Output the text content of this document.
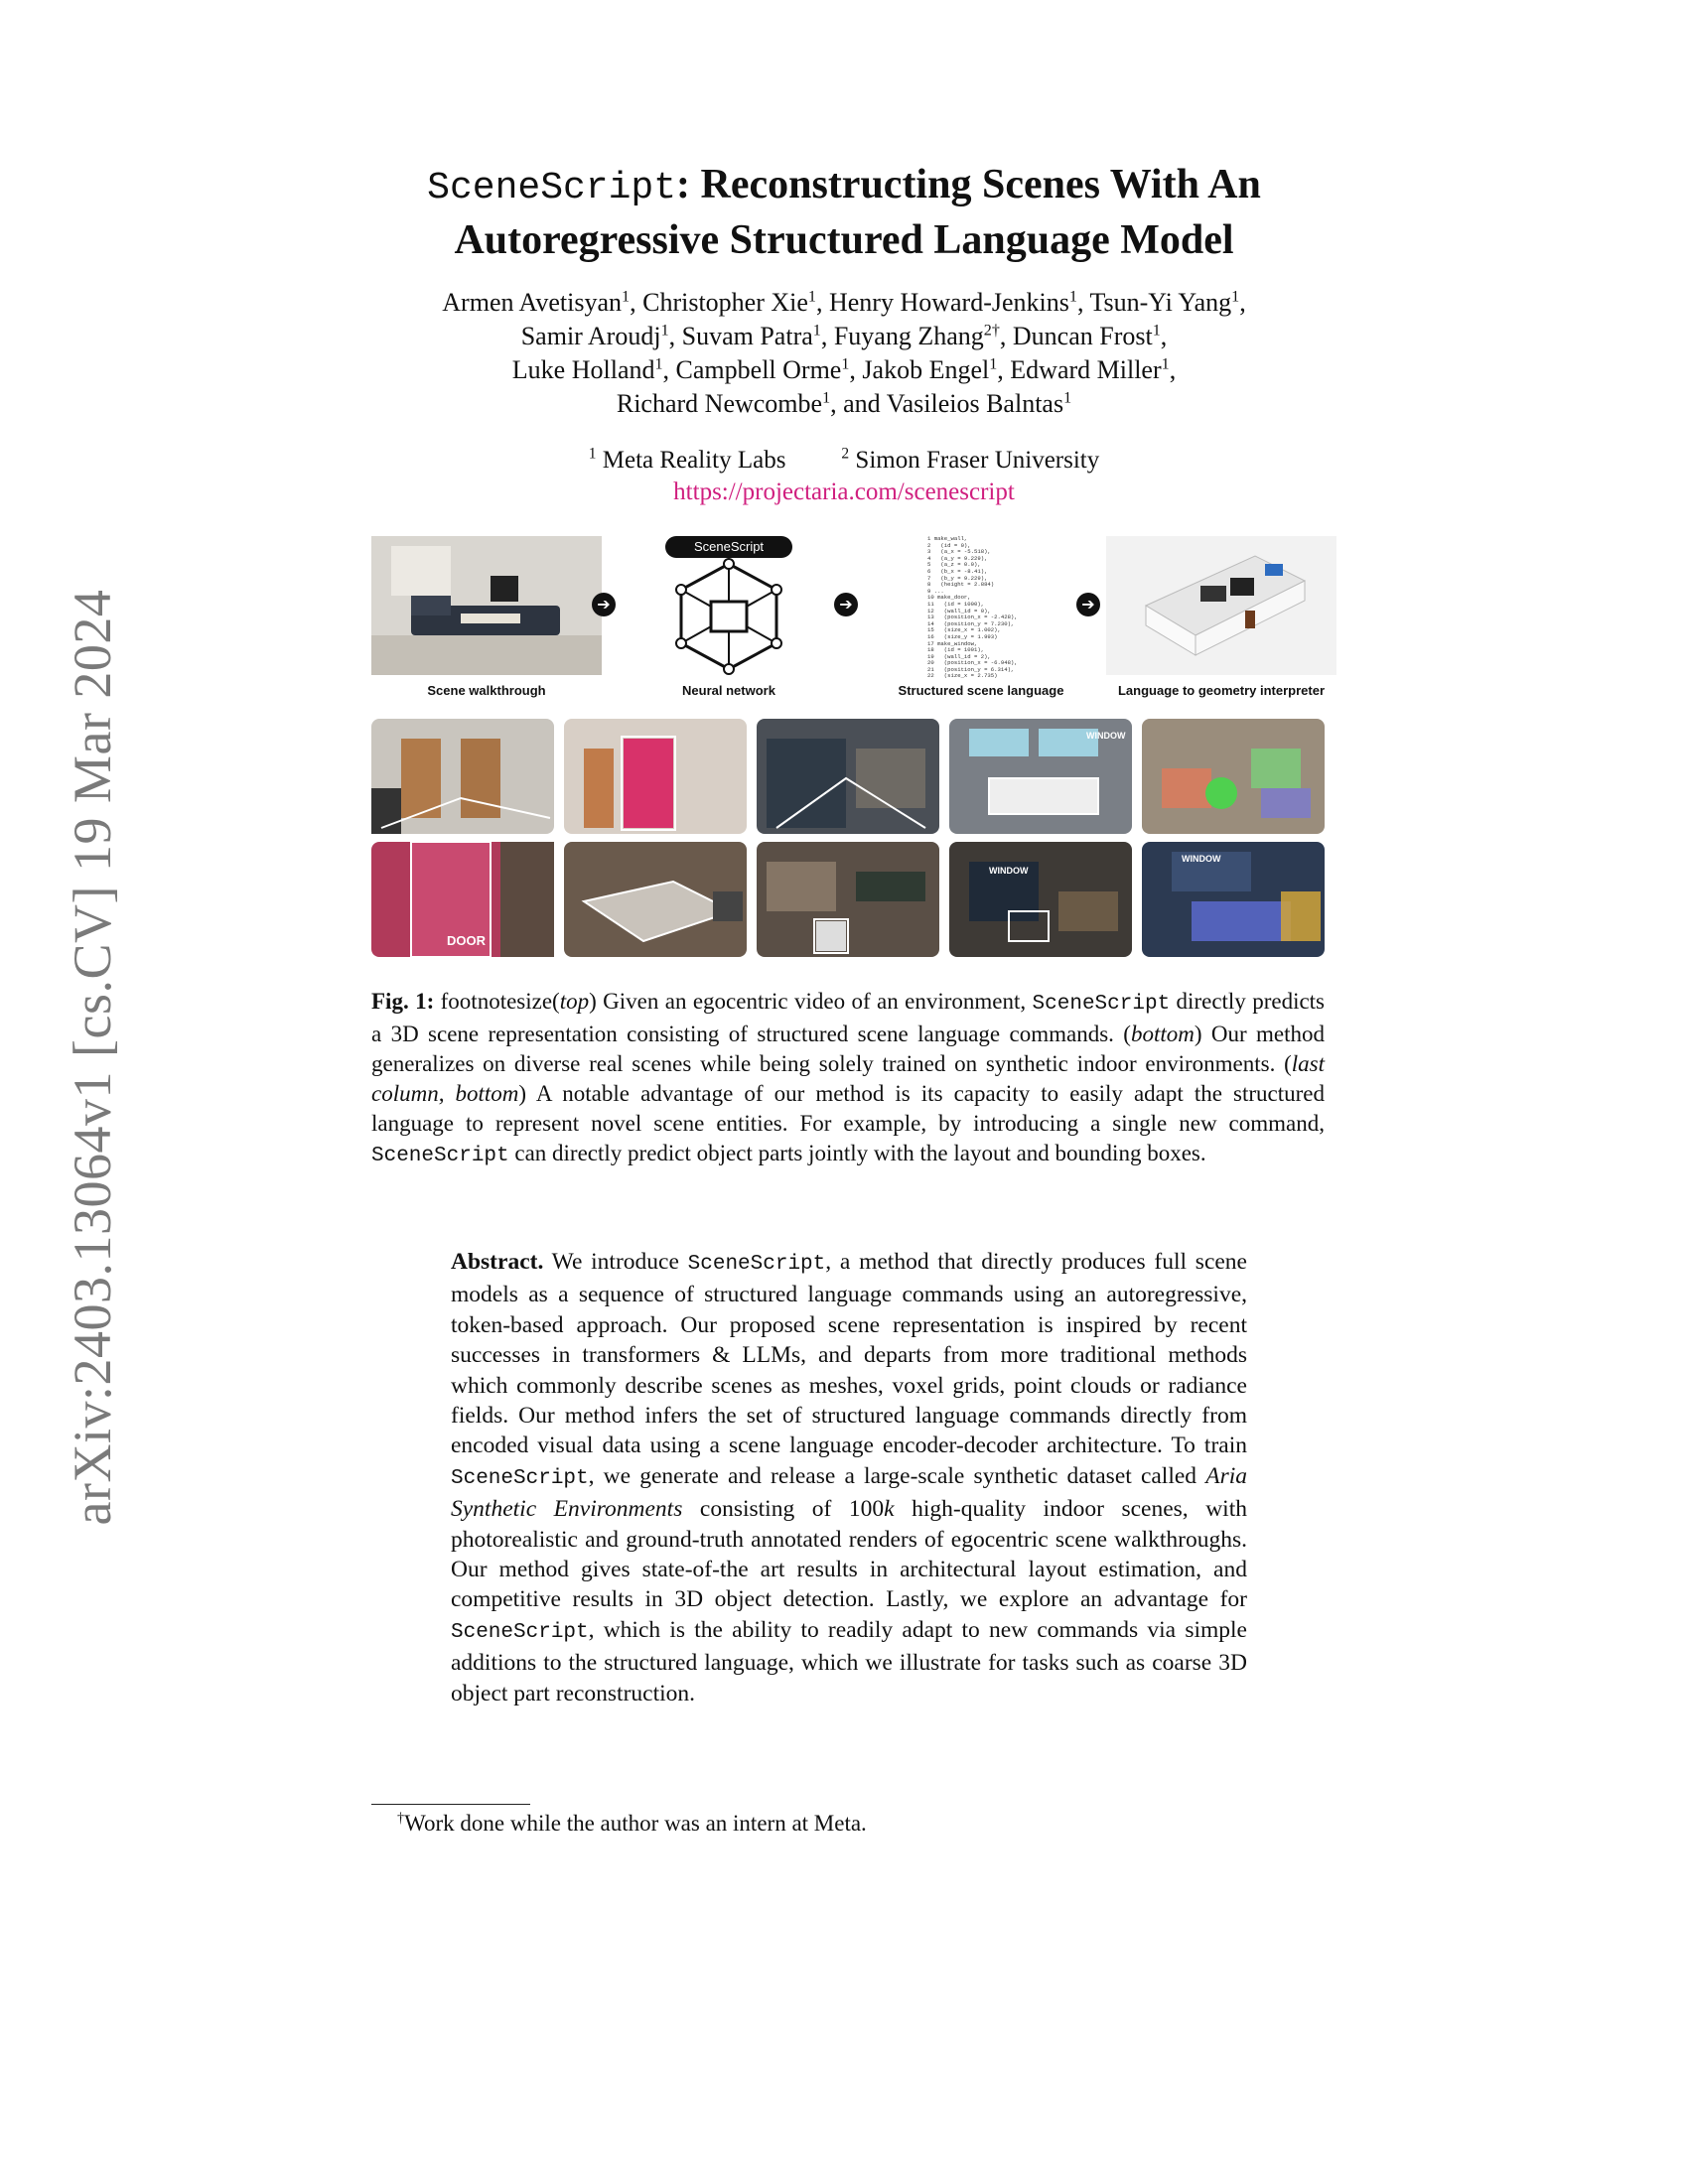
arXiv:2403.13064v1 [cs.CV] 19 Mar 2024
SceneScript: Reconstructing Scenes With An
Autoregressive Structured Language Model
Armen Avetisyan$^1$, Christopher Xie$^1$, Henry Howard-Jenkins$^1$, Tsun-Yi Yang$^1$,
Samir Aroudj$^1$, Suvam Patra$^1$, Fuyang Zhang$^{2\dagger}$, Duncan Frost$^1$,
Luke Holland$^1$, Campbell Orme$^1$, Jakob Engel$^1$, Edward Miller$^1$,
Richard Newcombe$^1$, and Vasileios Balntas$^1$
$^1$ Meta Reality Labs	$^2$ Simon Fraser University
https://projectaria.com/scenescript
➔
SceneScript
➔
1 make_wall,
2   (id = 0),
3   (a_x = -5.518),
4   (a_y = 9.229),
5   (a_z = 0.0),
6   (b_x = -8.41),
7   (b_y = 9.229),
8   (height = 2.884)
9 ...
10 make_door,
11   (id = 1000),
12   (wall_id = 0),
13   (position_x = -2.428),
14   (position_y = 7.230),
15   (size_x = 1.002),
16   (size_y = 1.993)
17 make_window,
18   (id = 1001),
19   (wall_id = 2),
20   (position_x = -6.948),
21   (position_y = 6.314),
22   (size_x = 2.735)
➔
Scene walkthrough	Neural network	Structured scene language	Language to geometry interpreter
WINDOW
DOOR
WINDOW
WINDOW
Fig. 1: footnotesize(top) Given an egocentric video of an environment, SceneScript directly predicts a 3D scene representation consisting of structured scene language commands. (bottom) Our method generalizes on diverse real scenes while being solely trained on synthetic indoor environments. (last column, bottom) A notable advantage of our method is its capacity to easily adapt the structured language to represent novel scene entities. For example, by introducing a single new command, SceneScript can directly predict object parts jointly with the layout and bounding boxes.
Abstract. We introduce SceneScript, a method that directly produces full scene models as a sequence of structured language commands using an autoregressive, token-based approach. Our proposed scene representation is inspired by recent successes in transformers & LLMs, and departs from more traditional methods which commonly describe scenes as meshes, voxel grids, point clouds or radiance fields. Our method infers the set of structured language commands directly from encoded visual data using a scene language encoder-decoder architecture. To train SceneScript, we generate and release a large-scale synthetic dataset called Aria Synthetic Environments consisting of 100k high-quality indoor scenes, with photorealistic and ground-truth annotated renders of egocentric scene walkthroughs. Our method gives state-of-the art results in architectural layout estimation, and competitive results in 3D object detection. Lastly, we explore an advantage for SceneScript, which is the ability to readily adapt to new commands via simple additions to the structured language, which we illustrate for tasks such as coarse 3D object part reconstruction.
†Work done while the author was an intern at Meta.
